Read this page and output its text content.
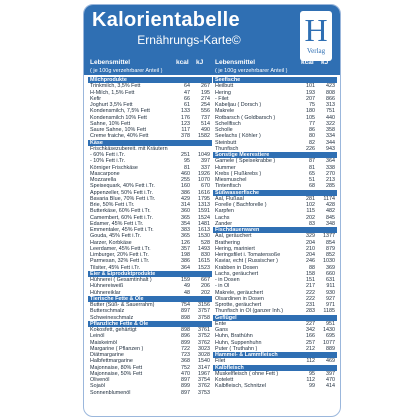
Kalorientabelle
Ernährungs-Karte©	H
Verlag
Lebensmittel	kcal kJ
( je 100g verzehrbarer Anteil )
Lebensmittel	kcal kJ
( je 100g verzehrbarer Anteil )
Milchprodukte
Trinkmilch, 3,5% Fett	64	267
H-Milch, 1,5% Fett	47	195
Kefir	66	274
Joghurt 3,5% Fett	61	254
Kondensmilch, 7,5% Fett	133	556
Kondensmilch 10% Fett	176	737
Sahne, 10% Fett	123	514
Saure Sahne, 10% Fett	117	490
Creme fraiche, 40% Fett	378	1582
Käse
Frischkäsezubereit. mit Kräutern
- 60% Fett i.Tr.	251	1049
- 10% Fett i.Tr.	95	397
Körniger Frischkäse	81	337
Mascarpone	460	1926
Mozzarella	255	1070
Speisequark, 40% Fett i.Tr.	160	670
Appenzeller, 50% Fett i.Tr.	386	1616
Bavaria Blue, 70% Fett i.Tr.	429	1795
Brie, 50% Fett i.Tr.	314	1313
Butterkäse, 60% Fett i.Tr.	360	1591
Camembert, 60% Fett i.Tr.	365	1524
Edamer, 45% Fett i.Tr.	354	1481
Emmentaler, 45% Fett i.Tr.	383	1613
Gouda, 45% Fett i.Tr.	365	1530
Harzer, Korbkäse	126	528
Leerdamer, 45% Fett i.Tr.	357	1493
Limburger, 20% Fett i.Tr.	198	830
Parmesan, 32% Fett i.Tr.	386	1615
Tilsiter, 45% Fett i.Tr.	364	1523
Eier & Eiproduktprodukte
Hühnerei ( Gesamtinhalt )	159	667
Hühnereiweiß	49	206
Hühnereiklar	48	202
Tierische Fette & Öle
Butter (Süß- & Sauerrahm)	754	3156
Butterschmalz	897	3757
Schweineschmalz	898	3758
Pflanzliche Fette & Öle
Kokosfett, gehärtigt	898	3761
Leinöl	896	3752
Maiskeimöl	899	3762
Margarine ( Pflanzen )	722	3023
Diätmargarine	723	3028
Halbfettmargarine	368	1540
Majonnaise, 80% Fett	752	3147
Majonnaise, 50% Fett	470	1967
Olivenöl	897	3754
Sojaöl	899	3762
Sonnenblumenöl	897	3753
Seefische
Heilbutt	101	423
Hering	193	808
- Filet	207	866
Kabeljau ( Dorsch )	75	313
Makrele	180	751
Rotbarsch ( Goldbarsch )	105	440
Schellfisch	77	322
Scholle	86	358
Seelachs ( Köhler )	80	334
Steinbutt	82	344
Thunfisch	226	943
Sonstige Meerestiere
Garnele ( Speisekrabbe )	87	364
Hummer	81	338
Krebs ( Flußkrebs )	65	270
Miesmuschel	51	213
Tintenfisch	68	285
Süßwasserfische
Aal, Flußaal	281	1174
Forelle ( Bachforelle )	102	428
Karpfen	115	482
Lachs	202	845
Zander	83	348
Fischdauerwaren
Aal, geräuchert	329	1377
Brathering	204	854
Hering, mariniert	210	879
Heringsfilet i. Tomatensoße	204	852
Kaviar, echt ( Russischer )	246	1030
Krabben in Dosen	88	369
Lachs, geräuchert	158	660
- in Dosen	151	631
- in Öl	217	911
Makrele, geräuchert	222	930
Ölsardinen in Dosen	222	927
Sprotte, geräuchert	231	971
Thunfisch in Öl (ganzer Inh.)	283	1185
Geflügel
Ente	227	951
Gans	342	1430
Huhn, Brathühn	166	695
Huhn, Suppenhuhn	257	1077
Puter ( Truthahn )	212	889
Hammel- & Lammfleisch
Filet	112	469
Kalbfleisch
Muskelfleisch ( ohne Fett )	95	397
Kotelett	112	470
Kalbfleisch, Schnitzel	99	414
